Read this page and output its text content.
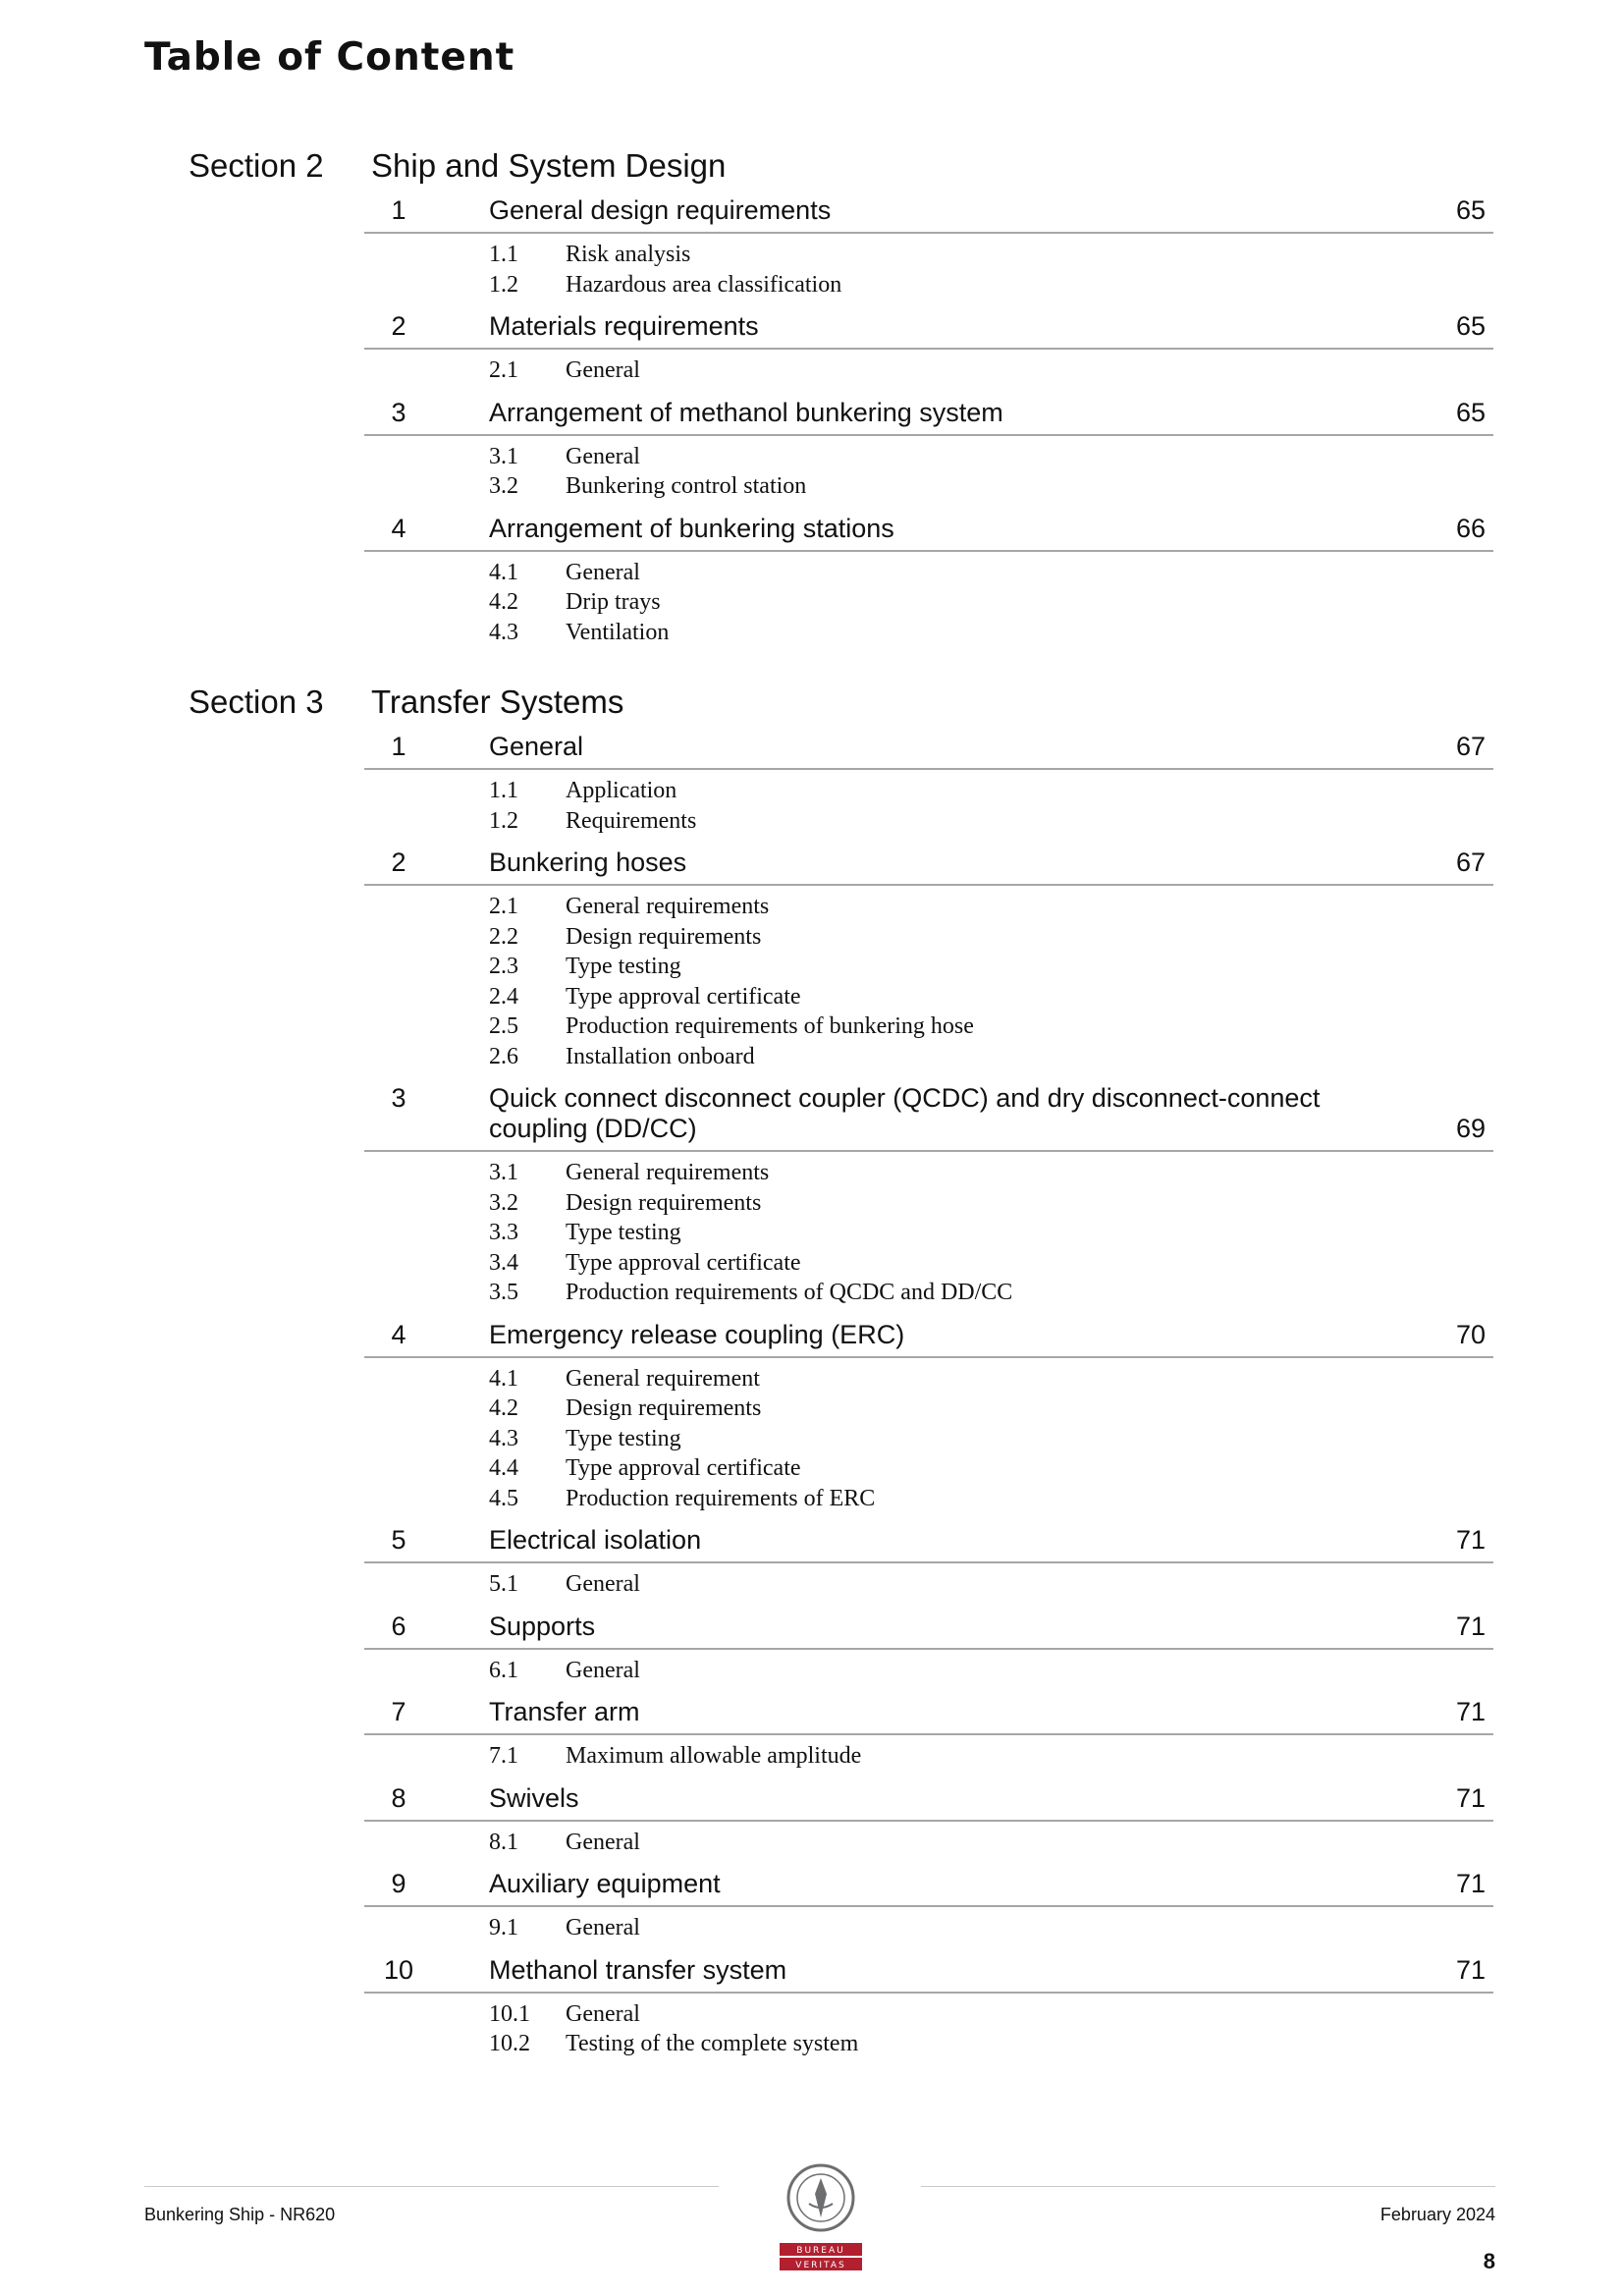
Table of Content
Section 2 Ship and System Design
1	General design requirements	65
1.1 Risk analysis
1.2 Hazardous area classification
2	Materials requirements	65
2.1 General
3	Arrangement of methanol bunkering system	65
3.1 General
3.2 Bunkering control station
4	Arrangement of bunkering stations	66
4.1 General
4.2 Drip trays
4.3 Ventilation
Section 3 Transfer Systems
1	General	67
1.1 Application
1.2 Requirements
2	Bunkering hoses	67
2.1 General requirements
2.2 Design requirements
2.3 Type testing
2.4 Type approval certificate
2.5 Production requirements of bunkering hose
2.6 Installation onboard
3	Quick connect disconnect coupler (QCDC) and dry disconnect-connect coupling (DD/CC)	69
3.1 General requirements
3.2 Design requirements
3.3 Type testing
3.4 Type approval certificate
3.5 Production requirements of QCDC and DD/CC
4	Emergency release coupling (ERC)	70
4.1 General requirement
4.2 Design requirements
4.3 Type testing
4.4 Type approval certificate
4.5 Production requirements of ERC
5	Electrical isolation	71
5.1 General
6	Supports	71
6.1 General
7	Transfer arm	71
7.1 Maximum allowable amplitude
8	Swivels	71
8.1 General
9	Auxiliary equipment	71
9.1 General
10	Methanol transfer system	71
10.1 General
10.2 Testing of the complete system
Bunkering Ship - NR620	February 2024
8
BUREAU
VERITAS
